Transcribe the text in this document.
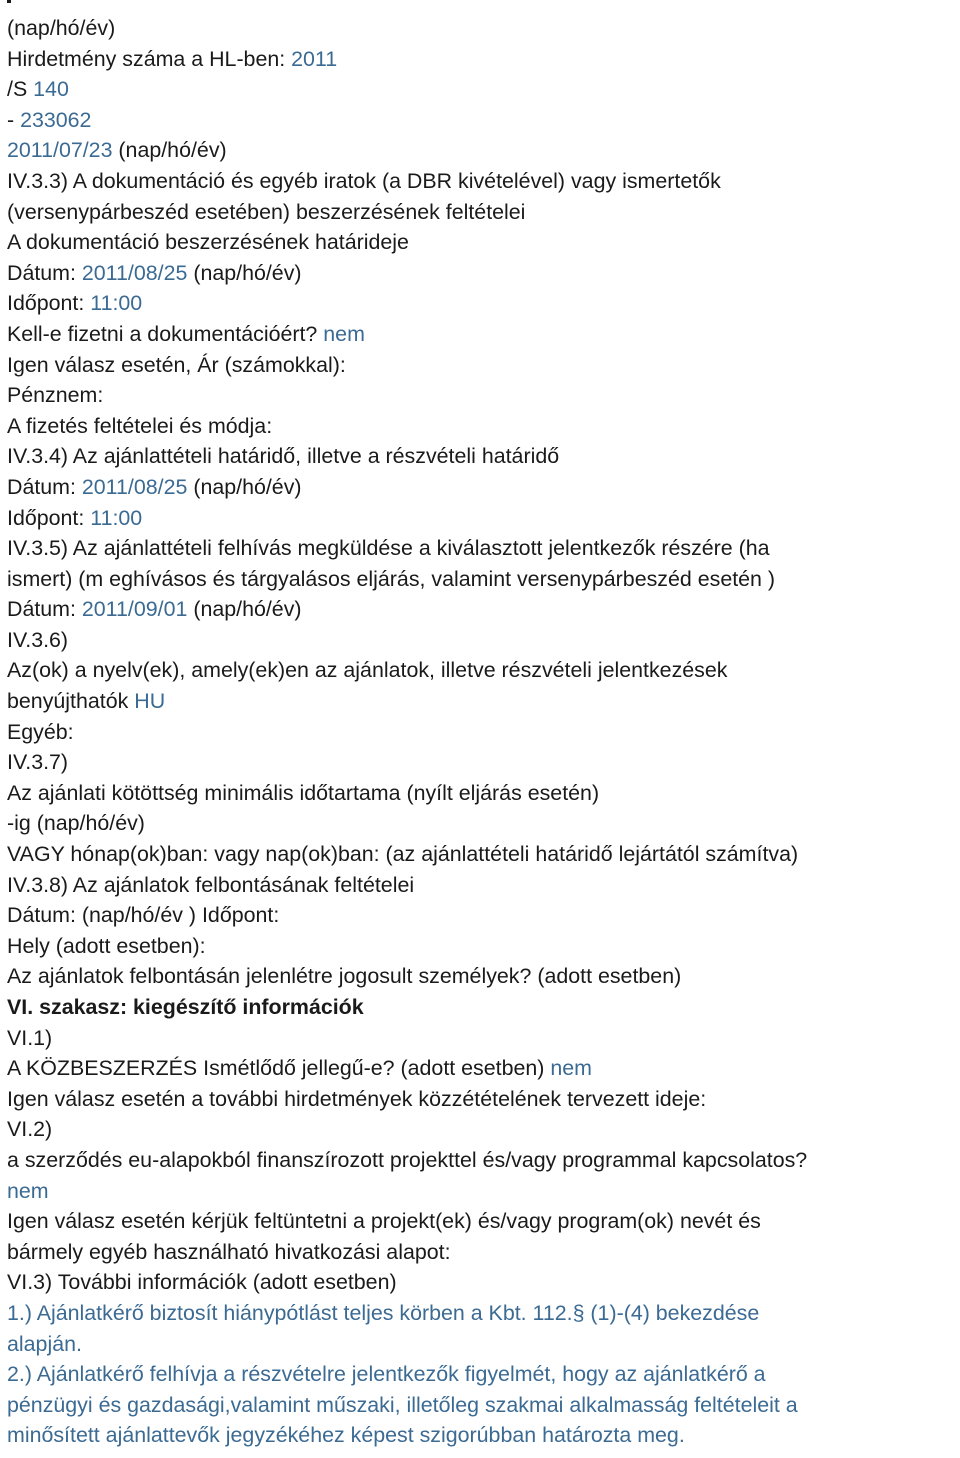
(nap/hó/év)
Hirdetmény száma a HL-ben: 2011
/S 140
- 233062
2011/07/23 (nap/hó/év)
IV.3.3) A dokumentáció és egyéb iratok (a DBR kivételével) vagy ismertetők
(versenypárbeszéd esetében) beszerzésének feltételei
A dokumentáció beszerzésének határideje
Dátum: 2011/08/25 (nap/hó/év)
Időpont: 11:00
Kell-e fizetni a dokumentációért? nem
Igen válasz esetén, Ár (számokkal):
Pénznem:
A fizetés feltételei és módja:
IV.3.4) Az ajánlattételi határidő, illetve a részvételi határidő
Dátum: 2011/08/25 (nap/hó/év)
Időpont: 11:00
IV.3.5) Az ajánlattételi felhívás megküldése a kiválasztott jelentkezők részére (ha
ismert) (m eghívásos és tárgyalásos eljárás, valamint versenypárbeszéd esetén )
Dátum: 2011/09/01 (nap/hó/év)
IV.3.6)
Az(ok) a nyelv(ek), amely(ek)en az ajánlatok, illetve részvételi jelentkezések
benyújthatók HU
Egyéb:
IV.3.7)
Az ajánlati kötöttség minimális időtartama (nyílt eljárás esetén)
-ig (nap/hó/év)
VAGY hónap(ok)ban: vagy nap(ok)ban: (az ajánlattételi határidő lejártától számítva)
IV.3.8) Az ajánlatok felbontásának feltételei
Dátum: (nap/hó/év ) Időpont:
Hely (adott esetben):
Az ajánlatok felbontásán jelenlétre jogosult személyek? (adott esetben)
VI. szakasz: kiegészítő információk
VI.1)
A KÖZBESZERZÉS Ismétlődő jellegű-e? (adott esetben) nem
Igen válasz esetén a további hirdetmények közzétételének tervezett ideje:
VI.2)
a szerződés eu-alapokból finanszírozott projekttel és/vagy programmal kapcsolatos?
nem
Igen válasz esetén kérjük feltüntetni a projekt(ek) és/vagy program(ok) nevét és
bármely egyéb használható hivatkozási alapot:
VI.3) További információk (adott esetben)
1.) Ajánlatkérő biztosít hiánypótlást teljes körben a Kbt. 112.§ (1)-(4) bekezdése
alapján.
2.) Ajánlatkérő felhívja a részvételre jelentkezők figyelmét, hogy az ajánlatkérő a
pénzügyi és gazdasági,valamint műszaki, illetőleg szakmai alkalmasság feltételeit a
minősített ajánlattevők jegyzékéhez képest szigorúbban határozta meg.
